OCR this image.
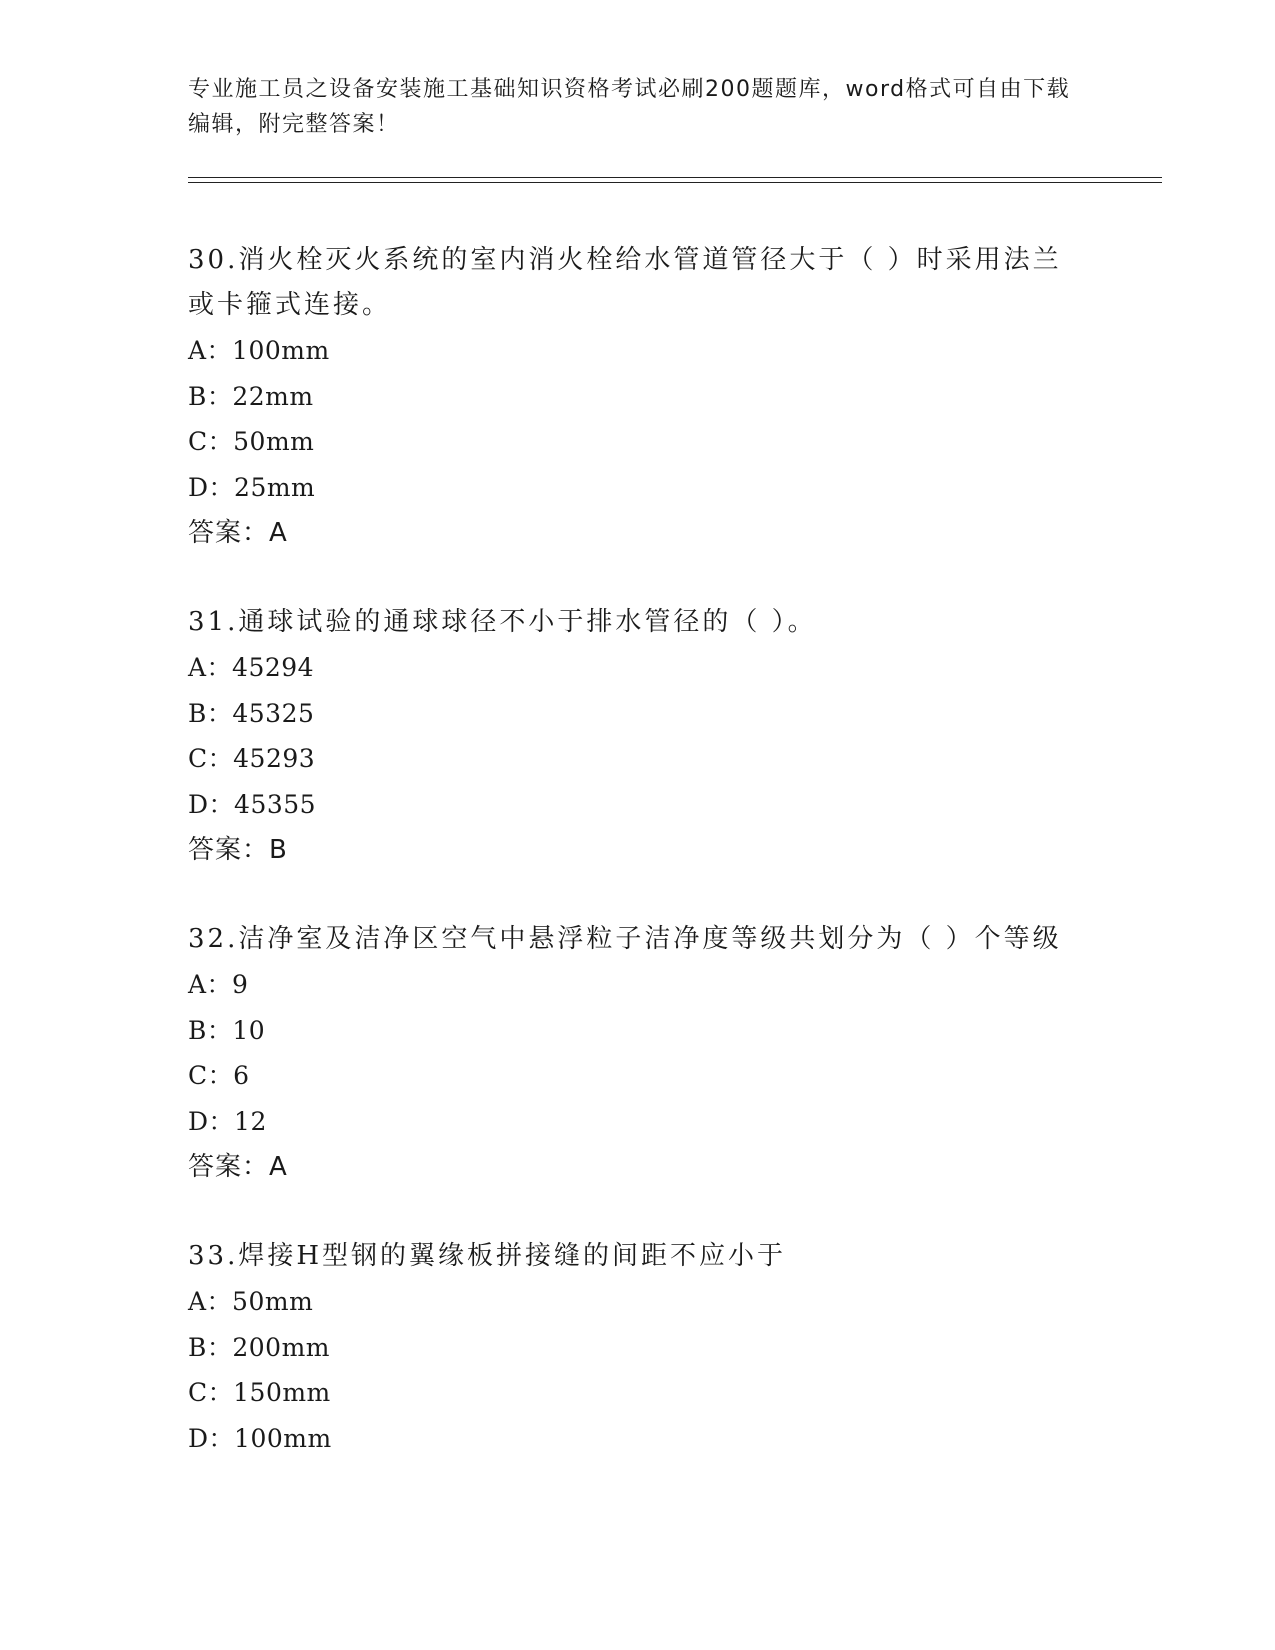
专业施工员之设备安装施工基础知识资格考试必刷200题题库，word格式可自由下载编辑，附完整答案！
30.消火栓灭火系统的室内消火栓给水管道管径大于（ ）时采用法兰或卡箍式连接。
A：100mm
B：22mm
C：50mm
D：25mm
答案：A
31.通球试验的通球球径不小于排水管径的（ ）。
A：45294
B：45325
C：45293
D：45355
答案：B
32.洁净室及洁净区空气中悬浮粒子洁净度等级共划分为（ ）个等级
A：9
B：10
C：6
D：12
答案：A
33.焊接H型钢的翼缘板拼接缝的间距不应小于
A：50mm
B：200mm
C：150mm
D：100mm
